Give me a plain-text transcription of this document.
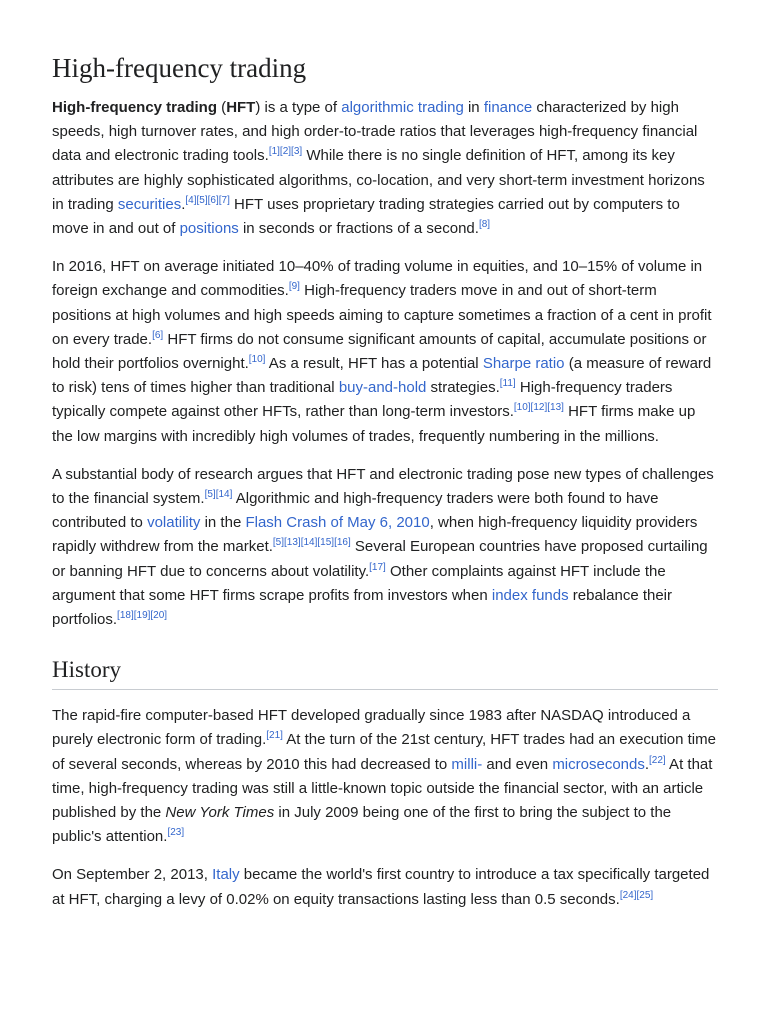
High-frequency trading

High-frequency trading (HFT) is a type of algorithmic trading in finance characterized by high speeds, high turnover rates, and high order-to-trade ratios that leverages high-frequency financial data and electronic trading tools.[1][2][3] While there is no single definition of HFT, among its key attributes are highly sophisticated algorithms, co-location, and very short-term investment horizons in trading securities.[4][5][6][7] HFT uses proprietary trading strategies carried out by computers to move in and out of positions in seconds or fractions of a second.[8]

In 2016, HFT on average initiated 10–40% of trading volume in equities, and 10–15% of volume in foreign exchange and commodities.[9] High-frequency traders move in and out of short-term positions at high volumes and high speeds aiming to capture sometimes a fraction of a cent in profit on every trade.[6] HFT firms do not consume significant amounts of capital, accumulate positions or hold their portfolios overnight.[10] As a result, HFT has a potential Sharpe ratio (a measure of reward to risk) tens of times higher than traditional buy-and-hold strategies.[11] High-frequency traders typically compete against other HFTs, rather than long-term investors.[10][12][13] HFT firms make up the low margins with incredibly high volumes of trades, frequently numbering in the millions.

A substantial body of research argues that HFT and electronic trading pose new types of challenges to the financial system.[5][14] Algorithmic and high-frequency traders were both found to have contributed to volatility in the Flash Crash of May 6, 2010, when high-frequency liquidity providers rapidly withdrew from the market.[5][13][14][15][16] Several European countries have proposed curtailing or banning HFT due to concerns about volatility.[17] Other complaints against HFT include the argument that some HFT firms scrape profits from investors when index funds rebalance their portfolios.[18][19][20]

History

The rapid-fire computer-based HFT developed gradually since 1983 after NASDAQ introduced a purely electronic form of trading.[21] At the turn of the 21st century, HFT trades had an execution time of several seconds, whereas by 2010 this had decreased to milli- and even microseconds.[22] At that time, high-frequency trading was still a little-known topic outside the financial sector, with an article published by the New York Times in July 2009 being one of the first to bring the subject to the public's attention.[23]

On September 2, 2013, Italy became the world's first country to introduce a tax specifically targeted at HFT, charging a levy of 0.02% on equity transactions lasting less than 0.5 seconds.[24][25]
